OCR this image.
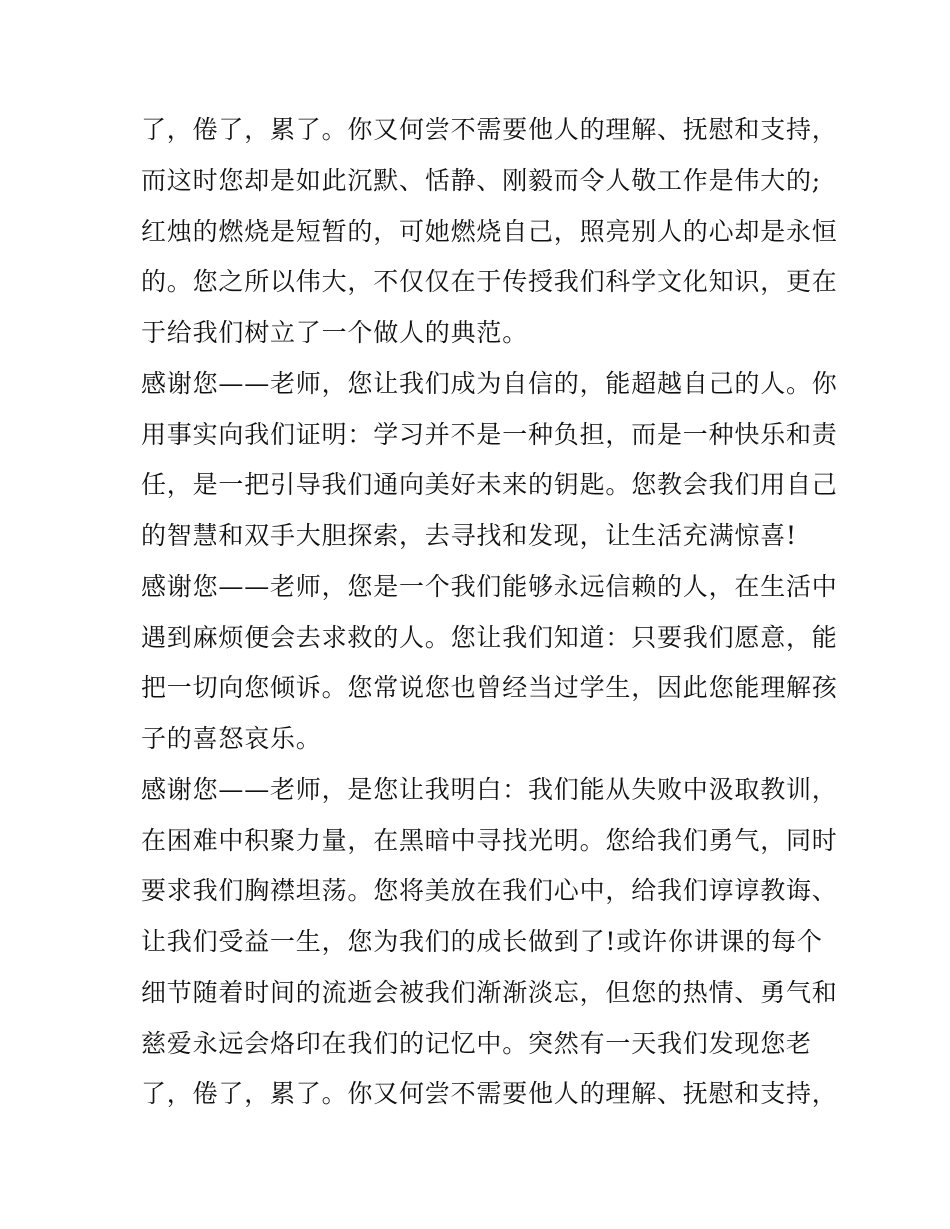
了，倦了，累了。你又何尝不需要他人的理解、抚慰和支持，
而这时您却是如此沉默、恬静、刚毅而令人敬工作是伟大的;
红烛的燃烧是短暂的，可她燃烧自己，照亮别人的心却是永恒
的。您之所以伟大，不仅仅在于传授我们科学文化知识，更在
于给我们树立了一个做人的典范。
感谢您——老师，您让我们成为自信的，能超越自己的人。你
用事实向我们证明：学习并不是一种负担，而是一种快乐和责
任，是一把引导我们通向美好未来的钥匙。您教会我们用自己
的智慧和双手大胆探索，去寻找和发现，让生活充满惊喜!
感谢您——老师，您是一个我们能够永远信赖的人，在生活中
遇到麻烦便会去求救的人。您让我们知道：只要我们愿意，能
把一切向您倾诉。您常说您也曾经当过学生，因此您能理解孩
子的喜怒哀乐。
感谢您——老师，是您让我明白：我们能从失败中汲取教训，
在困难中积聚力量，在黑暗中寻找光明。您给我们勇气，同时
要求我们胸襟坦荡。您将美放在我们心中，给我们谆谆教诲、
让我们受益一生，您为我们的成长做到了!或许你讲课的每个
细节随着时间的流逝会被我们渐渐淡忘，但您的热情、勇气和
慈爱永远会烙印在我们的记忆中。突然有一天我们发现您老
了，倦了，累了。你又何尝不需要他人的理解、抚慰和支持，
